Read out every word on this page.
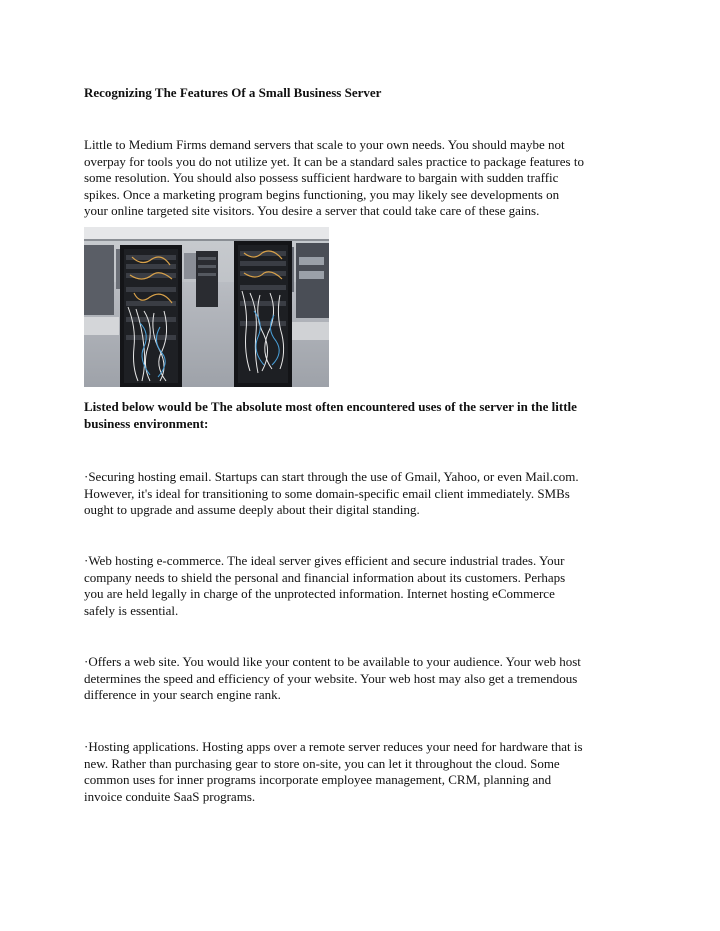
Recognizing The Features Of a Small Business Server
Little to Medium Firms demand servers that scale to your own needs. You should maybe not
overpay for tools you do not utilize yet. It can be a standard sales practice to package features to
some resolution. You should also possess sufficient hardware to bargain with sudden traffic
spikes. Once a marketing program begins functioning, you may likely see developments on
your online targeted site visitors. You desire a server that could take care of these gains.
Listed below would be The absolute most often encountered uses of the server in the little
business environment:
·Securing hosting email. Startups can start through the use of Gmail, Yahoo, or even Mail.com.
However, it's ideal for transitioning to some domain-specific email client immediately. SMBs
ought to upgrade and assume deeply about their digital standing.
·Web hosting e-commerce. The ideal server gives efficient and secure industrial trades. Your
company needs to shield the personal and financial information about its customers. Perhaps
you are held legally in charge of the unprotected information. Internet hosting eCommerce
safely is essential.
·Offers a web site. You would like your content to be available to your audience. Your web host
determines the speed and efficiency of your website. Your web host may also get a tremendous
difference in your search engine rank.
·Hosting applications. Hosting apps over a remote server reduces your need for hardware that is
new. Rather than purchasing gear to store on-site, you can let it throughout the cloud. Some
common uses for inner programs incorporate employee management, CRM, planning and
invoice conduite SaaS programs.
